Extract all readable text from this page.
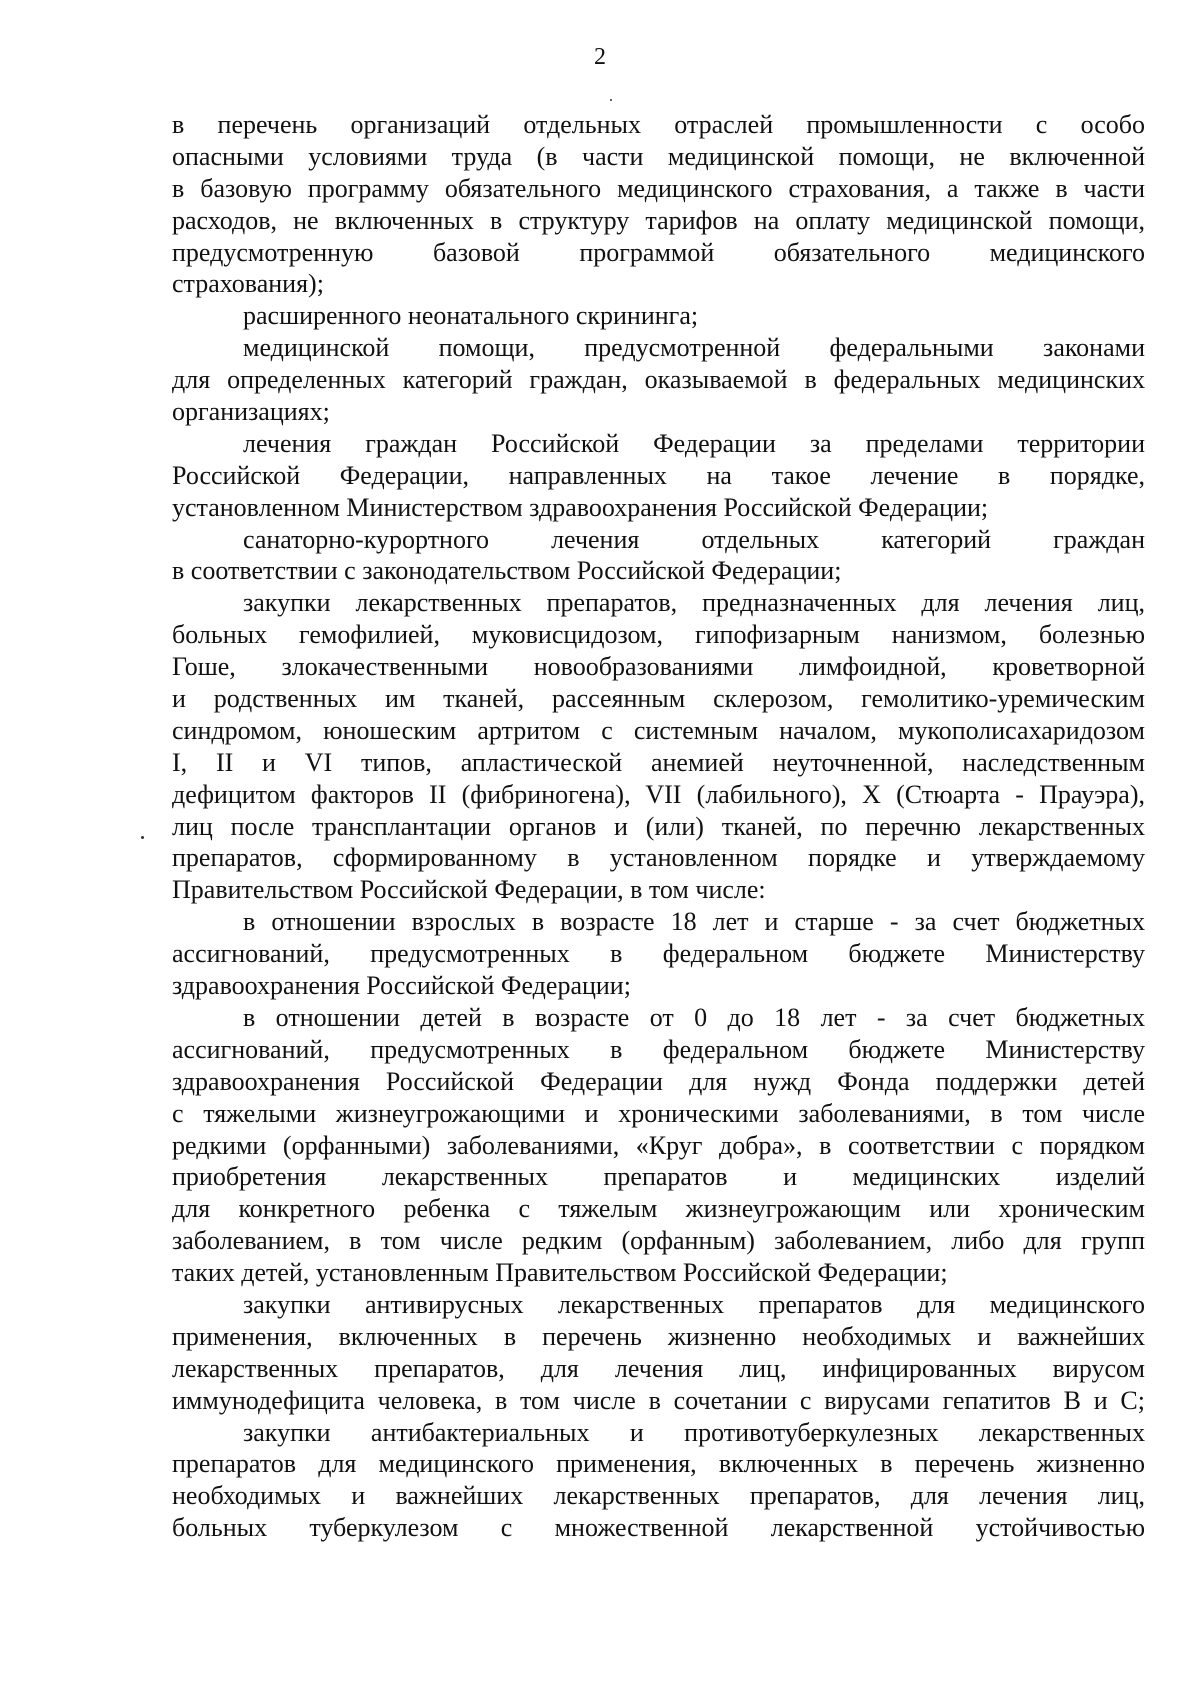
2
в перечень организаций отдельных отраслей промышленности с особо
опасными условиями труда (в части медицинской помощи, не включенной
в базовую программу обязательного медицинского страхования, а также в части
расходов, не включенных в структуру тарифов на оплату медицинской помощи,
предусмотренную базовой программой обязательного медицинского
страхования);
расширенного неонатального скрининга;
медицинской помощи, предусмотренной федеральными законами
для определенных категорий граждан, оказываемой в федеральных медицинских
организациях;
лечения граждан Российской Федерации за пределами территории
Российской Федерации, направленных на такое лечение в порядке,
установленном Министерством здравоохранения Российской Федерации;
санаторно-курортного лечения отдельных категорий граждан
в соответствии с законодательством Российской Федерации;
закупки лекарственных препаратов, предназначенных для лечения лиц,
больных гемофилией, муковисцидозом, гипофизарным нанизмом, болезнью
Гоше, злокачественными новообразованиями лимфоидной, кроветворной
и родственных им тканей, рассеянным склерозом, гемолитико-уремическим
синдромом, юношеским артритом с системным началом, мукополисахаридозом
I, II и VI типов, апластической анемией неуточненной, наследственным
дефицитом факторов II (фибриногена), VII (лабильного), X (Стюарта - Прауэра),
лиц после трансплантации органов и (или) тканей, по перечню лекарственных
препаратов, сформированному в установленном порядке и утверждаемому
Правительством Российской Федерации, в том числе:
в отношении взрослых в возрасте 18 лет и старше - за счет бюджетных
ассигнований, предусмотренных в федеральном бюджете Министерству
здравоохранения Российской Федерации;
в отношении детей в возрасте от 0 до 18 лет - за счет бюджетных
ассигнований, предусмотренных в федеральном бюджете Министерству
здравоохранения Российской Федерации для нужд Фонда поддержки детей
с тяжелыми жизнеугрожающими и хроническими заболеваниями, в том числе
редкими (орфанными) заболеваниями, «Круг добра», в соответствии с порядком
приобретения лекарственных препаратов и медицинских изделий
для конкретного ребенка с тяжелым жизнеугрожающим или хроническим
заболеванием, в том числе редким (орфанным) заболеванием, либо для групп
таких детей, установленным Правительством Российской Федерации;
закупки антивирусных лекарственных препаратов для медицинского
применения, включенных в перечень жизненно необходимых и важнейших
лекарственных препаратов, для лечения лиц, инфицированных вирусом
иммунодефицита человека, в том числе в сочетании с вирусами гепатитов B и C;
закупки антибактериальных и противотуберкулезных лекарственных
препаратов для медицинского применения, включенных в перечень жизненно
необходимых и важнейших лекарственных препаратов, для лечения лиц,
больных туберкулезом с множественной лекарственной устойчивостью
